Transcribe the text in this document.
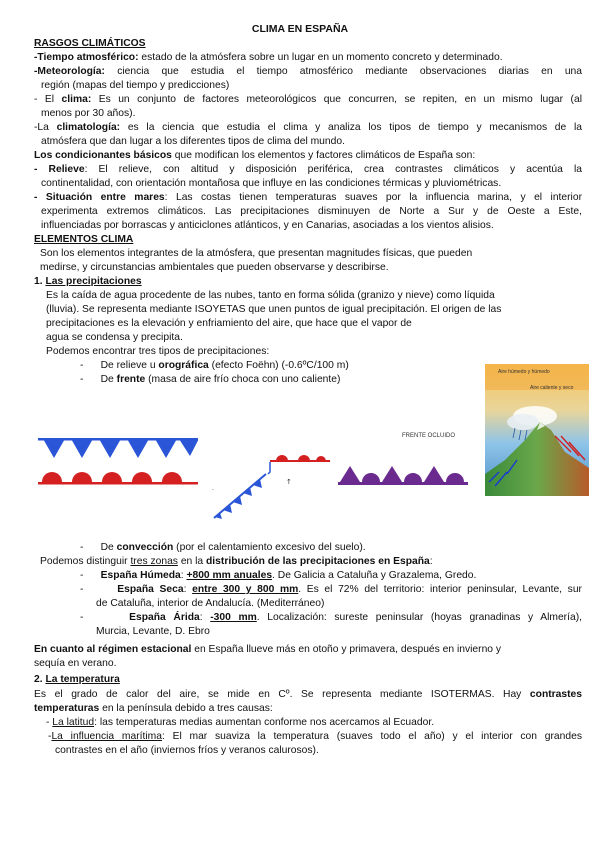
CLIMA EN ESPAÑA
RASGOS CLIMÁTICOS
-Tiempo atmosférico: estado de la atmósfera sobre un lugar en un momento concreto y determinado.
-Meteorología: ciencia que estudia el tiempo atmosférico mediante observaciones diarias en una
región (mapas del tiempo y predicciones)
- El clima: Es un conjunto de factores meteorológicos que concurren, se repiten, en un mismo lugar (al
menos por 30 años).
-La climatología: es la ciencia que estudia el clima y analiza los tipos de tiempo y mecanismos de la
atmósfera que dan lugar a los diferentes tipos de clima del mundo.
Los condicionantes básicos que modifican los elementos y factores climáticos de España son:
- Relieve: El relieve, con altitud y disposición periférica, crea contrastes climáticos y acentúa la
continentalidad, con orientación montañosa que influye en las condiciones térmicas y pluviométricas.
- Situación entre mares: Las costas tienen temperaturas suaves por la influencia marina, y el interior
experimenta extremos climáticos. Las precipitaciones disminuyen de Norte a Sur y de Oeste a Este,
influenciadas por borrascas y anticiclones atlánticos, y en Canarias, asociadas a los vientos alisios.
ELEMENTOS CLIMA
Son los elementos integrantes de la atmósfera, que presentan magnitudes físicas, que pueden
medirse, y circunstancias ambientales que pueden observarse y describirse.
1. Las precipitaciones
Es la caída de agua procedente de las nubes, tanto en forma sólida (granizo y nieve) como líquida
(lluvia). Se representa mediante ISOYETAS que unen puntos de igual precipitación. El origen de las
precipitaciones es la elevación y enfriamiento del aire, que hace que el vapor de
agua se condensa y precipita.
Podemos encontrar tres tipos de precipitaciones:
-      De relieve u orográfica (efecto Foëhn) (-0.6ºC/100 m)
-      De frente (masa de aire frío choca con uno caliente)
Aire húmedo y húmedo
Aire caliente y seco
·
↑
FRENTE OCLUIDO
-      De convección (por el calentamiento excesivo del suelo).
Podemos distinguir tres zonas en la distribución de las precipitaciones en España:
-      España Húmeda: +800 mm anuales. De Galicia a Cataluña y Grazalema, Gredo.
-      España Seca: entre 300 y 800 mm. Es el 72% del territorio: interior peninsular, Levante, sur
de Cataluña, interior de Andalucía. (Mediterráneo)
-      España Árida: -300 mm. Localización: sureste peninsular (hoyas granadinas y Almería),
Murcia, Levante, D. Ebro
En cuanto al régimen estacional en España llueve más en otoño y primavera, después en invierno y
sequía en verano.
2. La temperatura
Es el grado de calor del aire, se mide en Cº. Se representa mediante ISOTERMAS. Hay contrastes
temperaturas en la península debido a tres causas:
- La latitud: las temperaturas medias aumentan conforme nos acercamos al Ecuador.
-La influencia marítima: El mar suaviza la temperatura (suaves todo el año) y el interior con grandes
contrastes en el año (inviernos fríos y veranos calurosos).
